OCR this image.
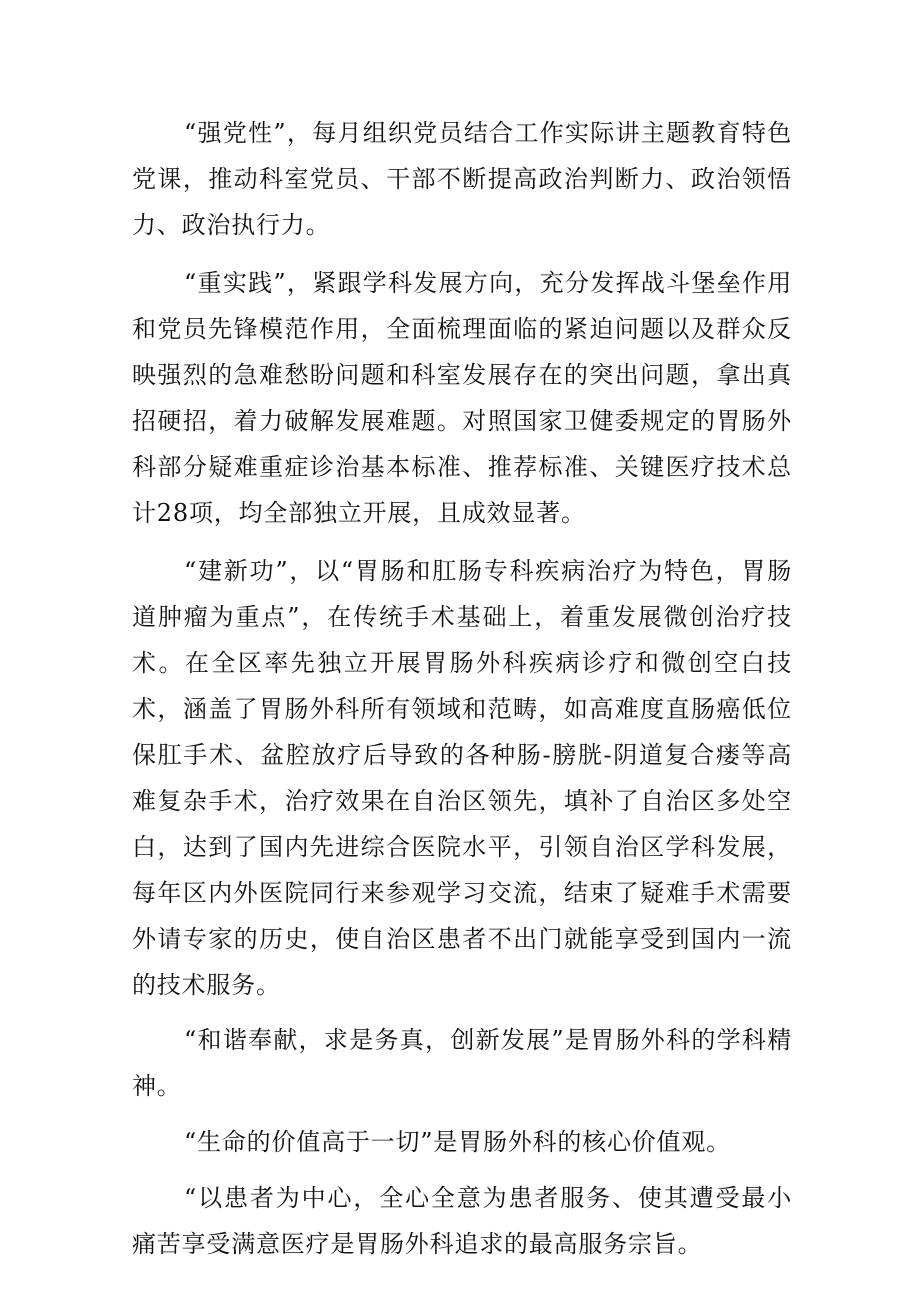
“强党性”，每月组织党员结合工作实际讲主题教育特色党课，推动科室党员、干部不断提高政治判断力、政治领悟力、政治执行力。

“重实践”，紧跟学科发展方向，充分发挥战斗堡垒作用和党员先锋模范作用，全面梳理面临的紧迫问题以及群众反映强烈的急难愁盼问题和科室发展存在的突出问题，拿出真招硬招，着力破解发展难题。对照国家卫健委规定的胃肠外科部分疑难重症诊治基本标准、推荐标准、关键医疗技术总计28项，均全部独立开展，且成效显著。

“建新功”，以“胃肠和肛肠专科疾病治疗为特色，胃肠道肿瘤为重点”，在传统手术基础上，着重发展微创治疗技术。在全区率先独立开展胃肠外科疾病诊疗和微创空白技术，涵盖了胃肠外科所有领域和范畴，如高难度直肠癌低位保肛手术、盆腔放疗后导致的各种肠-膀胱-阴道复合瘘等高难复杂手术，治疗效果在自治区领先，填补了自治区多处空白，达到了国内先进综合医院水平，引领自治区学科发展，每年区内外医院同行来参观学习交流，结束了疑难手术需要外请专家的历史，使自治区患者不出门就能享受到国内一流的技术服务。

“和谐奉献，求是务真，创新发展”是胃肠外科的学科精神。

“生命的价值高于一切”是胃肠外科的核心价值观。

“以患者为中心，全心全意为患者服务、使其遭受最小痛苦享受满意医疗是胃肠外科追求的最高服务宗旨。
